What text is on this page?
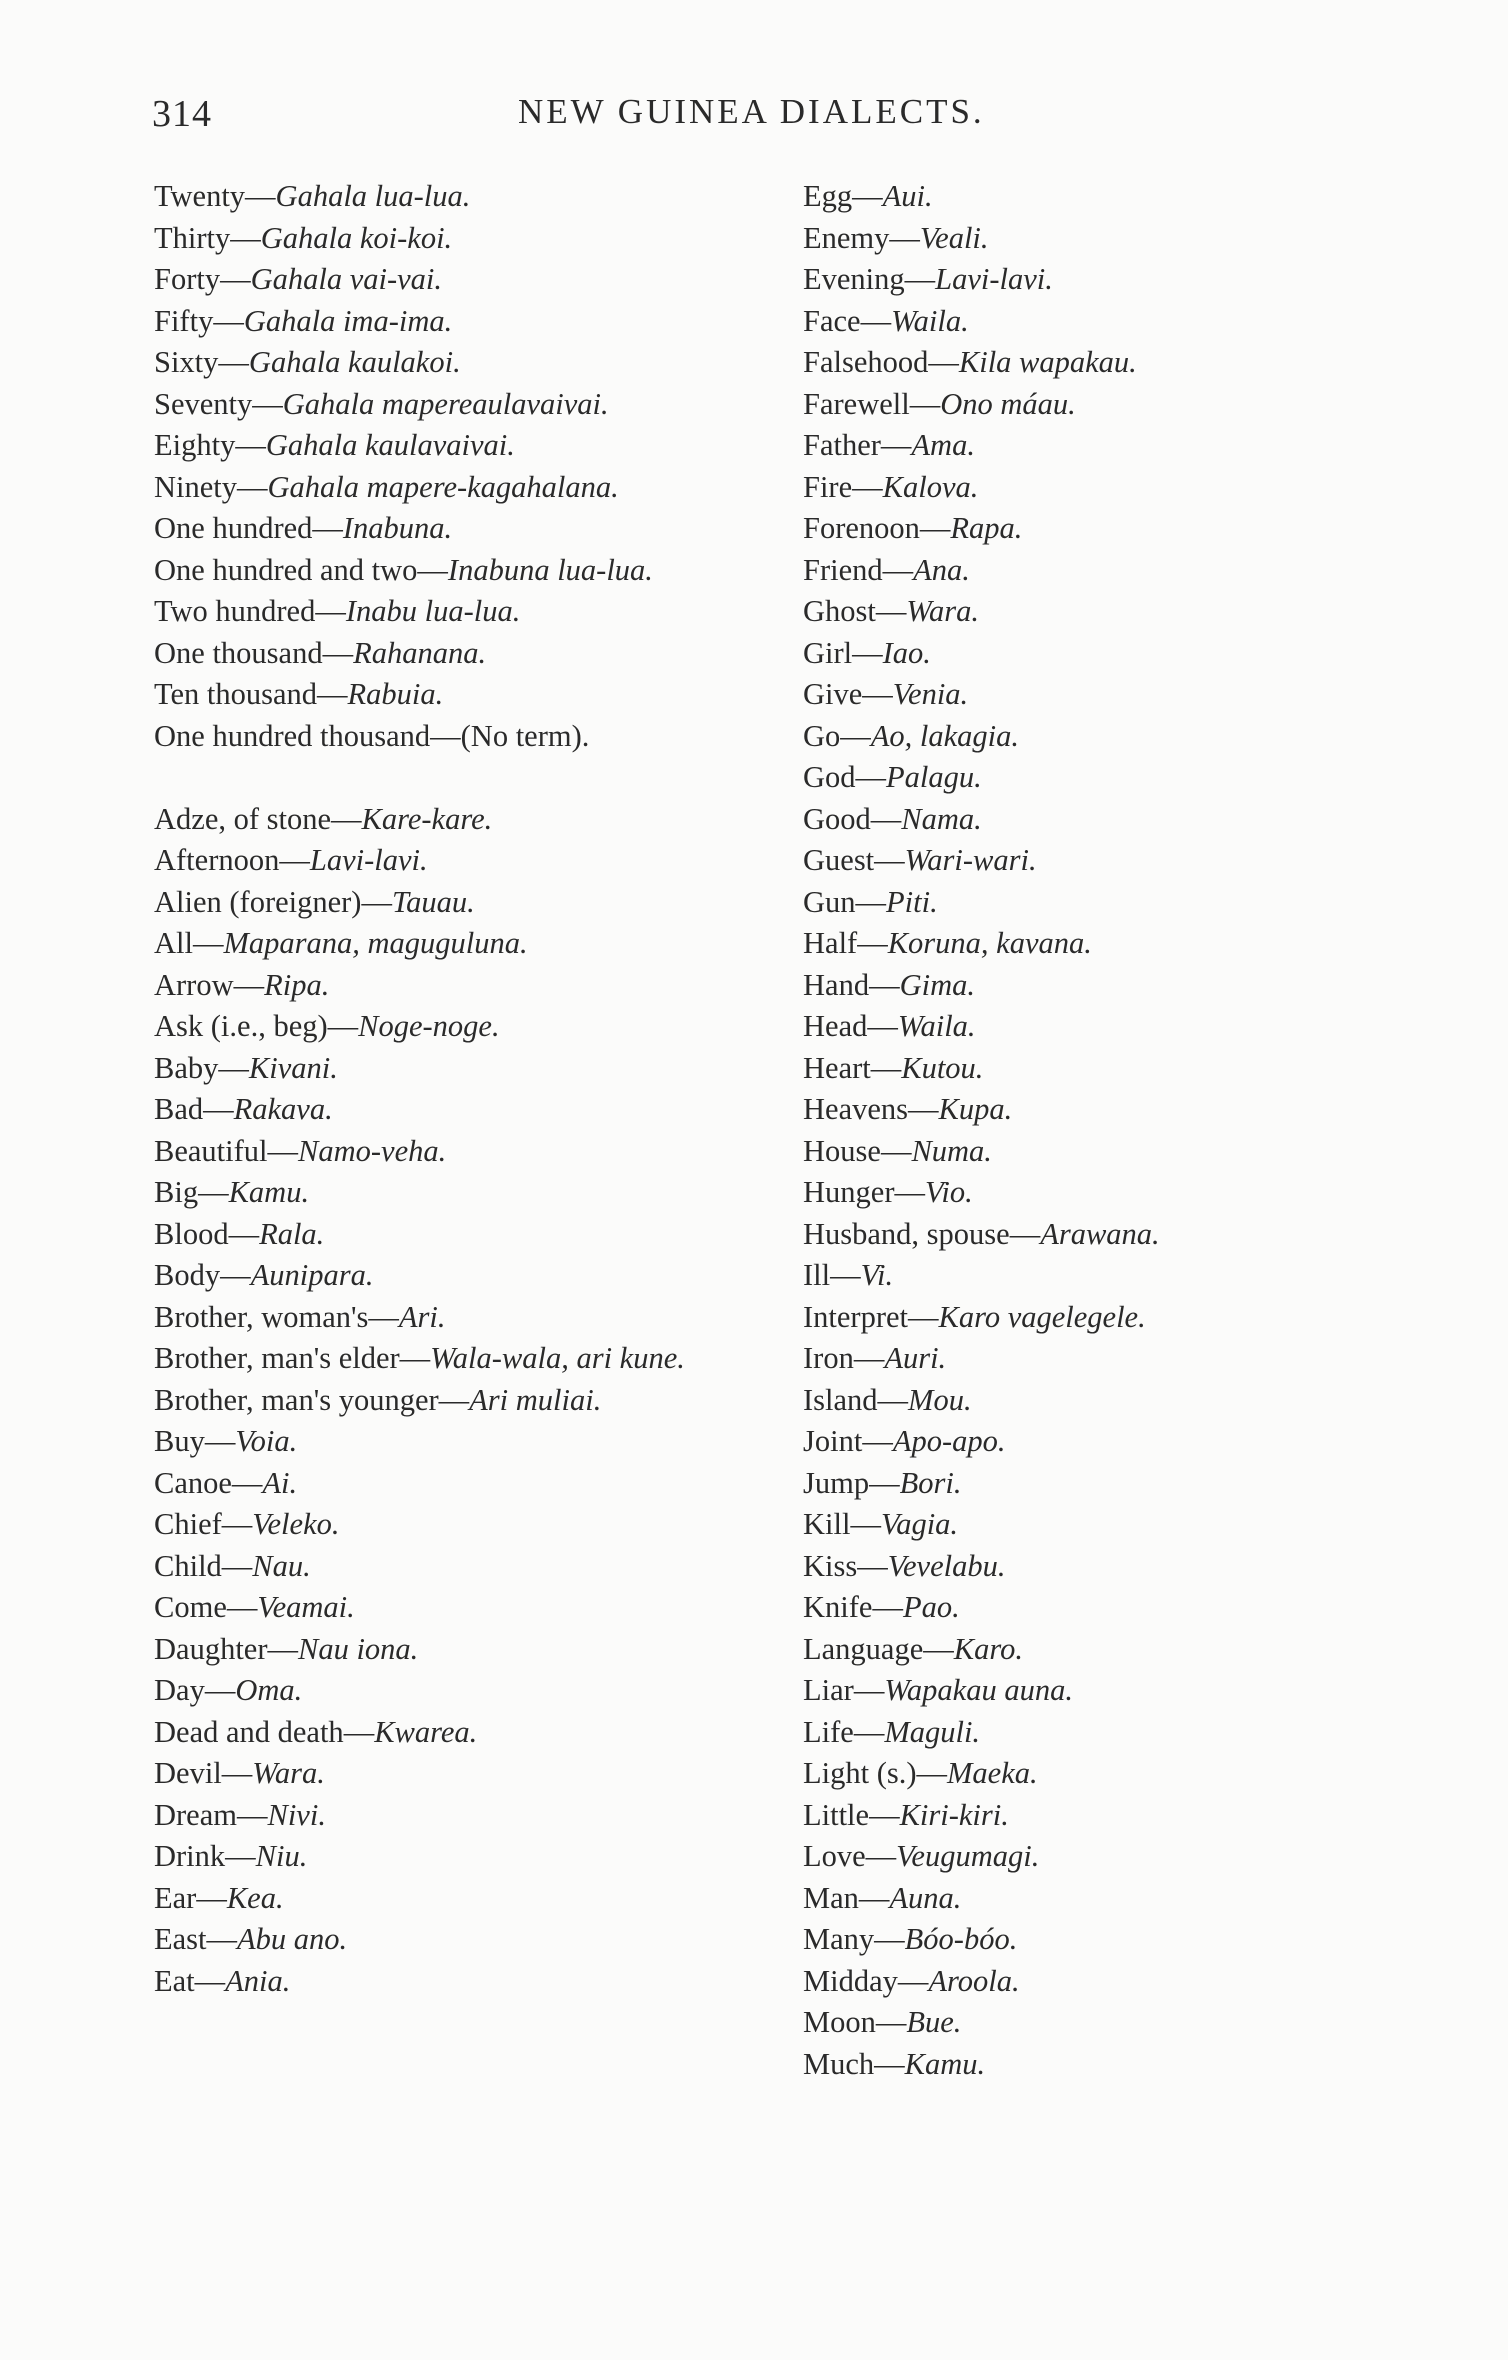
314	NEW GUINEA DIALECTS.
Twenty—Gahala lua-lua.
Thirty—Gahala koi-koi.
Forty—Gahala vai-vai.
Fifty—Gahala ima-ima.
Sixty—Gahala kaulakoi.
Seventy—Gahala mapereaulavaivai.
Eighty—Gahala kaulavaivai.
Ninety—Gahala mapere-kagahalana.
One hundred—Inabuna.
One hundred and two—Inabuna lua-lua.
Two hundred—Inabu lua-lua.
One thousand—Rahanana.
Ten thousand—Rabuia.
One hundred thousand—(No term).
Adze, of stone—Kare-kare.
Afternoon—Lavi-lavi.
Alien (foreigner)—Tauau.
All—Maparana, maguguluna.
Arrow—Ripa.
Ask (i.e., beg)—Noge-noge.
Baby—Kivani.
Bad—Rakava.
Beautiful—Namo-veha.
Big—Kamu.
Blood—Rala.
Body—Aunipara.
Brother, woman's—Ari.
Brother, man's elder—Wala-wala, ari kune.
Brother, man's younger—Ari muliai.
Buy—Voia.
Canoe—Ai.
Chief—Veleko.
Child—Nau.
Come—Veamai.
Daughter—Nau iona.
Day—Oma.
Dead and death—Kwarea.
Devil—Wara.
Dream—Nivi.
Drink—Niu.
Ear—Kea.
East—Abu ano.
Eat—Ania.
Egg—Aui.
Enemy—Veali.
Evening—Lavi-lavi.
Face—Waila.
Falsehood—Kila wapakau.
Farewell—Ono máau.
Father—Ama.
Fire—Kalova.
Forenoon—Rapa.
Friend—Ana.
Ghost—Wara.
Girl—Iao.
Give—Venia.
Go—Ao, lakagia.
God—Palagu.
Good—Nama.
Guest—Wari-wari.
Gun—Piti.
Half—Koruna, kavana.
Hand—Gima.
Head—Waila.
Heart—Kutou.
Heavens—Kupa.
House—Numa.
Hunger—Vio.
Husband, spouse—Arawana.
Ill—Vi.
Interpret—Karo vagelegele.
Iron—Auri.
Island—Mou.
Joint—Apo-apo.
Jump—Bori.
Kill—Vagia.
Kiss—Vevelabu.
Knife—Pao.
Language—Karo.
Liar—Wapakau auna.
Life—Maguli.
Light (s.)—Maeka.
Little—Kiri-kiri.
Love—Veugumagi.
Man—Auna.
Many—Bóo-bóo.
Midday—Aroola.
Moon—Bue.
Much—Kamu.
